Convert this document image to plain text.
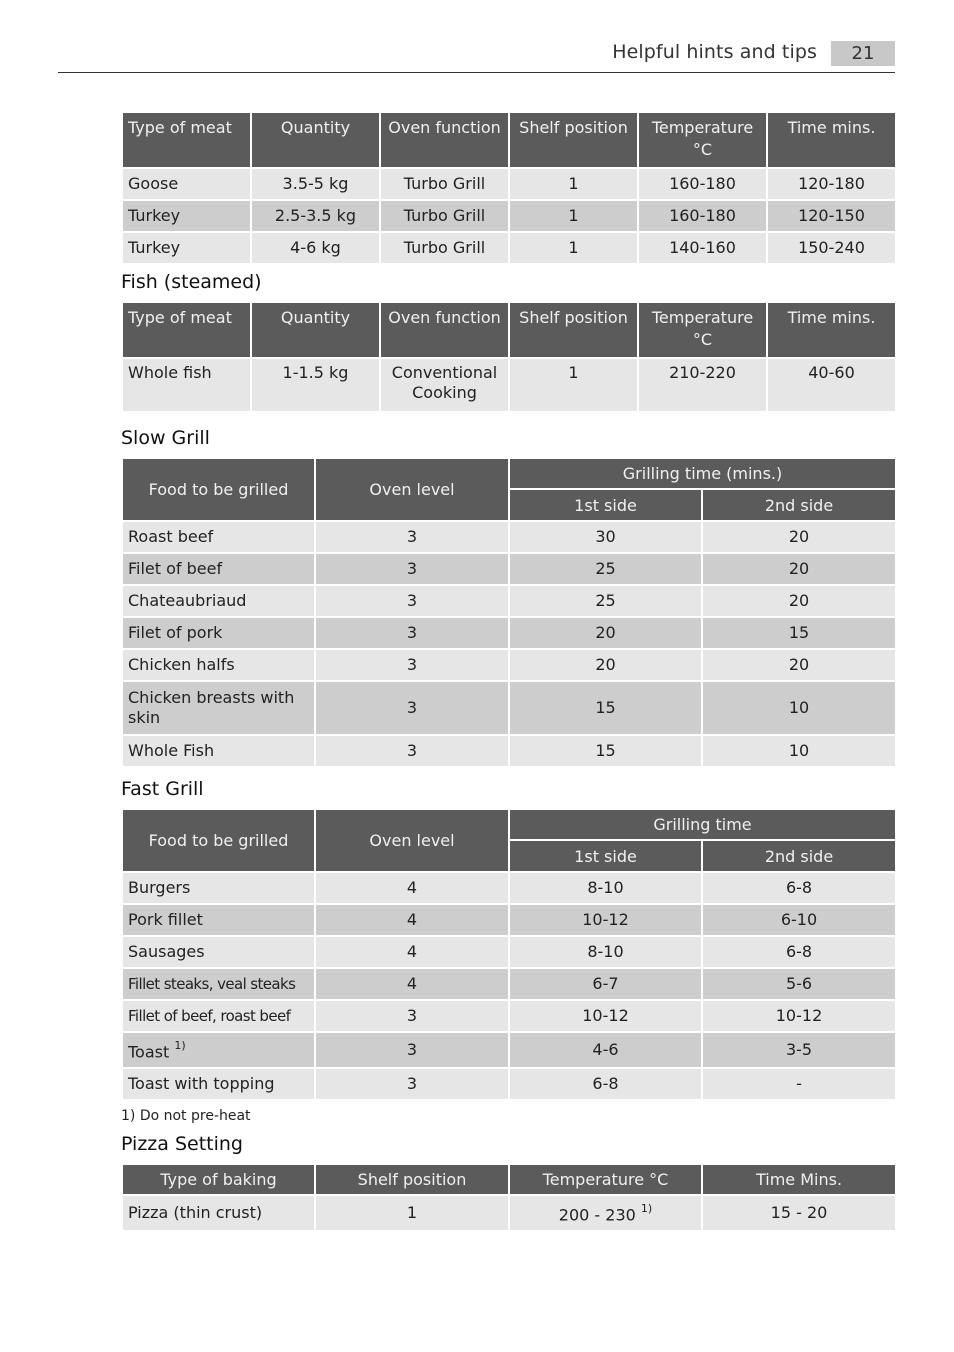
Helpful hints and tips	21
Type of meat	Quantity	Oven function	Shelf position	Temperature °C	Time mins.
Goose	3.5-5 kg	Turbo Grill	1	160-180	120-180
Turkey	2.5-3.5 kg	Turbo Grill	1	160-180	120-150
Turkey	4-6 kg	Turbo Grill	1	140-160	150-240
Fish (steamed)
Type of meat	Quantity	Oven function	Shelf position	Temperature °C	Time mins.
Whole fish	1-1.5 kg	Conventional Cooking	1	210-220	40-60
Slow Grill
Food to be grilled	Oven level	Grilling time (mins.)	
		1st side	2nd side
Roast beef	3	30	20
Filet of beef	3	25	20
Chateaubriaud	3	25	20
Filet of pork	3	20	15
Chicken halfs	3	20	20
Chicken breasts with skin	3	15	10
Whole Fish	3	15	10
Fast Grill
Food to be grilled	Oven level	Grilling time	
		1st side	2nd side
Burgers	4	8-10	6-8
Pork fillet	4	10-12	6-10
Sausages	4	8-10	6-8
Fillet steaks, veal steaks	4	6-7	5-6
Fillet of beef, roast beef	3	10-12	10-12
Toast $^{1)}$	3	4-6	3-5
Toast with topping	3	6-8	-
1) Do not pre-heat
Pizza Setting
Type of baking	Shelf position	Temperature °C	Time Mins.
Pizza (thin crust)	1	200 - 230 $^{1)}$	15 - 20
